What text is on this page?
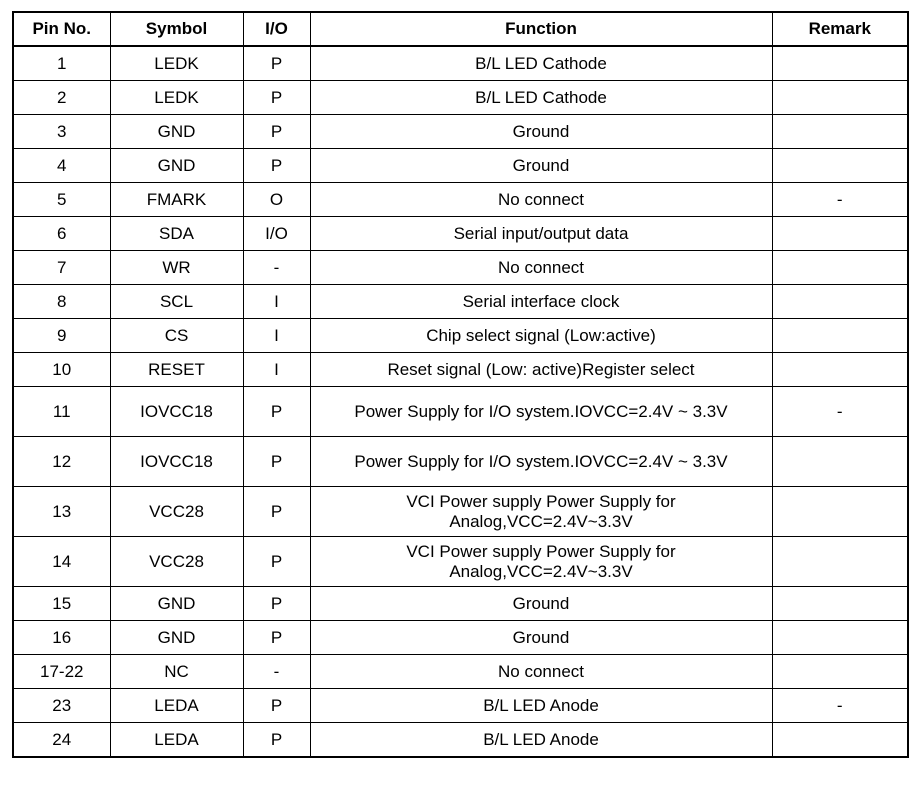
Pin No.	Symbol	I/O	Function	Remark
1	LEDK	P	B/L LED Cathode	
2	LEDK	P	B/L LED Cathode	
3	GND	P	Ground	
4	GND	P	Ground	
5	FMARK	O	No connect	-
6	SDA	I/O	Serial input/output data	
7	WR	-	No connect	
8	SCL	I	Serial interface clock	
9	CS	I	Chip select signal (Low:active)	
10	RESET	I	Reset signal (Low: active)Register select	
11	IOVCC18	P	Power Supply for I/O system.IOVCC=2.4V ~ 3.3V	-
12	IOVCC18	P	Power Supply for I/O system.IOVCC=2.4V ~ 3.3V	
13	VCC28	P	VCI Power supply Power Supply for Analog,VCC=2.4V~3.3V	
14	VCC28	P	VCI Power supply Power Supply for Analog,VCC=2.4V~3.3V	
15	GND	P	Ground	
16	GND	P	Ground	
17-22	NC	-	No connect	
23	LEDA	P	B/L LED Anode	-
24	LEDA	P	B/L LED Anode	
